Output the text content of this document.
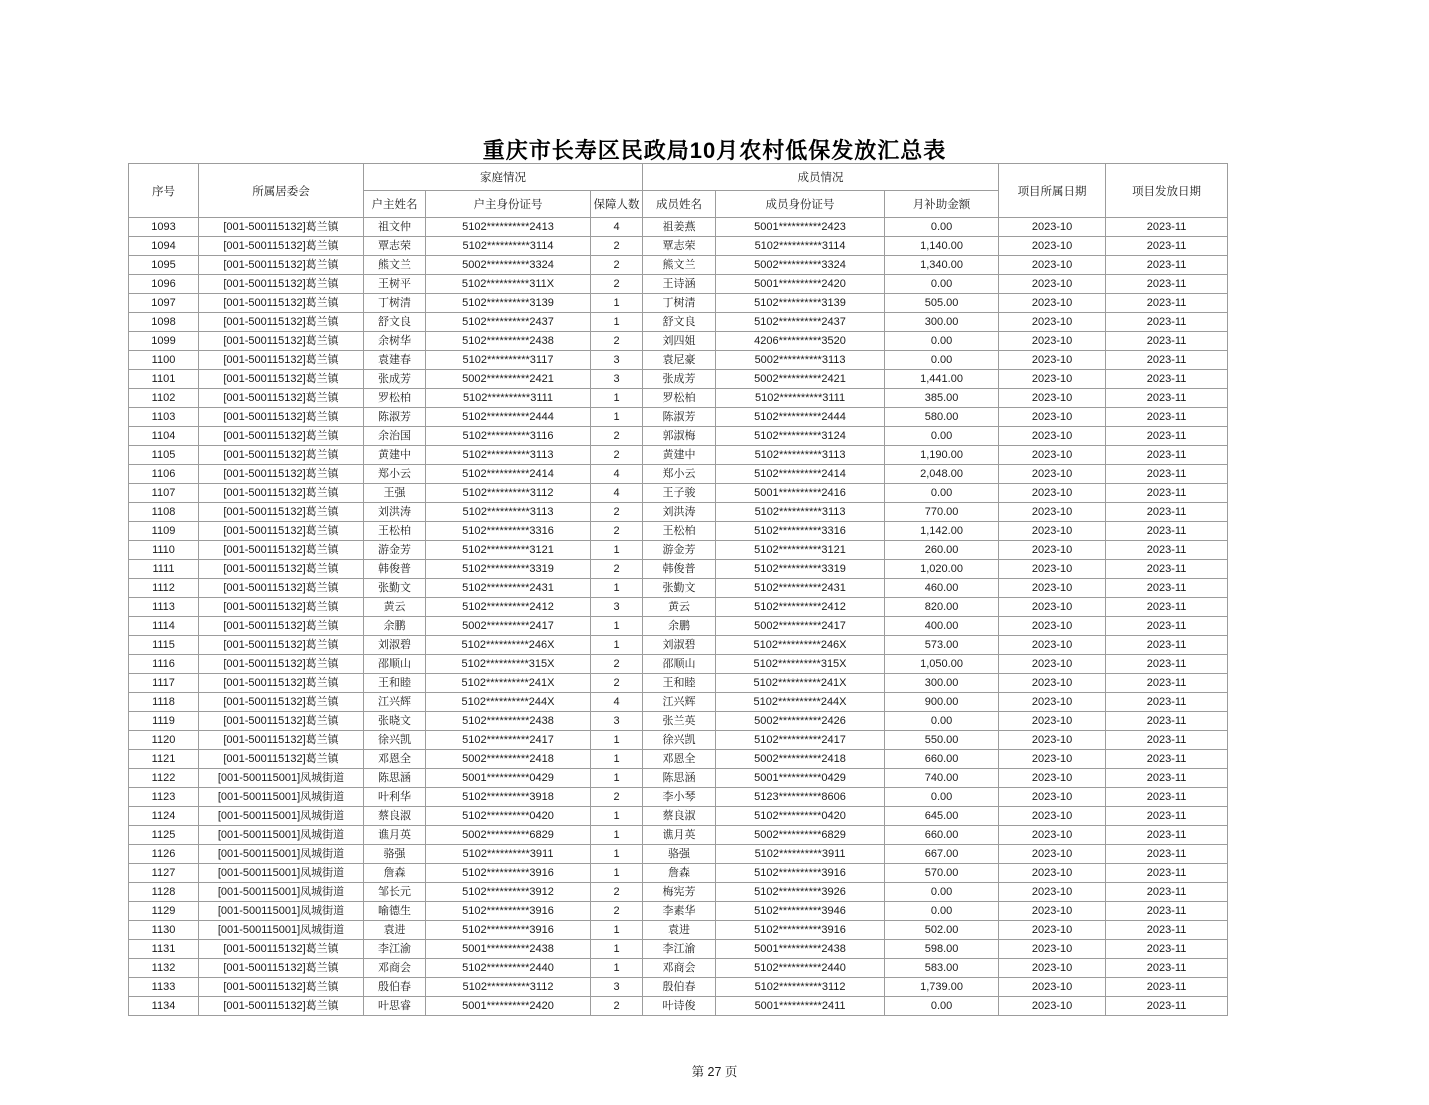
重庆市长寿区民政局10月农村低保发放汇总表
序号	所属居委会	家庭情况			成员情况			项目所属日期	项目发放日期
		户主姓名	户主身份证号	保障人数	成员姓名	成员身份证号	月补助金额		
1093	[001-500115132]葛兰镇	祖文仲	5102**********2413	4	祖姜燕	5001**********2423	0.00	2023-10	2023-11
1094	[001-500115132]葛兰镇	覃志荣	5102**********3114	2	覃志荣	5102**********3114	1,140.00	2023-10	2023-11
1095	[001-500115132]葛兰镇	熊文兰	5002**********3324	2	熊文兰	5002**********3324	1,340.00	2023-10	2023-11
1096	[001-500115132]葛兰镇	王树平	5102**********311X	2	王诗涵	5001**********2420	0.00	2023-10	2023-11
1097	[001-500115132]葛兰镇	丁树清	5102**********3139	1	丁树清	5102**********3139	505.00	2023-10	2023-11
1098	[001-500115132]葛兰镇	舒文良	5102**********2437	1	舒文良	5102**********2437	300.00	2023-10	2023-11
1099	[001-500115132]葛兰镇	余树华	5102**********2438	2	刘四姐	4206**********3520	0.00	2023-10	2023-11
1100	[001-500115132]葛兰镇	袁建春	5102**********3117	3	袁尼豪	5002**********3113	0.00	2023-10	2023-11
1101	[001-500115132]葛兰镇	张成芳	5002**********2421	3	张成芳	5002**********2421	1,441.00	2023-10	2023-11
1102	[001-500115132]葛兰镇	罗松柏	5102**********3111	1	罗松柏	5102**********3111	385.00	2023-10	2023-11
1103	[001-500115132]葛兰镇	陈淑芳	5102**********2444	1	陈淑芳	5102**********2444	580.00	2023-10	2023-11
1104	[001-500115132]葛兰镇	余治国	5102**********3116	2	郭淑梅	5102**********3124	0.00	2023-10	2023-11
1105	[001-500115132]葛兰镇	黄建中	5102**********3113	2	黄建中	5102**********3113	1,190.00	2023-10	2023-11
1106	[001-500115132]葛兰镇	郑小云	5102**********2414	4	郑小云	5102**********2414	2,048.00	2023-10	2023-11
1107	[001-500115132]葛兰镇	王强	5102**********3112	4	王子骏	5001**********2416	0.00	2023-10	2023-11
1108	[001-500115132]葛兰镇	刘洪涛	5102**********3113	2	刘洪涛	5102**********3113	770.00	2023-10	2023-11
1109	[001-500115132]葛兰镇	王松柏	5102**********3316	2	王松柏	5102**********3316	1,142.00	2023-10	2023-11
1110	[001-500115132]葛兰镇	游金芳	5102**********3121	1	游金芳	5102**********3121	260.00	2023-10	2023-11
1111	[001-500115132]葛兰镇	韩俊普	5102**********3319	2	韩俊普	5102**********3319	1,020.00	2023-10	2023-11
1112	[001-500115132]葛兰镇	张勤文	5102**********2431	1	张勤文	5102**********2431	460.00	2023-10	2023-11
1113	[001-500115132]葛兰镇	黄云	5102**********2412	3	黄云	5102**********2412	820.00	2023-10	2023-11
1114	[001-500115132]葛兰镇	余鹏	5002**********2417	1	余鹏	5002**********2417	400.00	2023-10	2023-11
1115	[001-500115132]葛兰镇	刘淑碧	5102**********246X	1	刘淑碧	5102**********246X	573.00	2023-10	2023-11
1116	[001-500115132]葛兰镇	邵顺山	5102**********315X	2	邵顺山	5102**********315X	1,050.00	2023-10	2023-11
1117	[001-500115132]葛兰镇	王和睦	5102**********241X	2	王和睦	5102**********241X	300.00	2023-10	2023-11
1118	[001-500115132]葛兰镇	江兴辉	5102**********244X	4	江兴辉	5102**********244X	900.00	2023-10	2023-11
1119	[001-500115132]葛兰镇	张晓文	5102**********2438	3	张兰英	5002**********2426	0.00	2023-10	2023-11
1120	[001-500115132]葛兰镇	徐兴凯	5102**********2417	1	徐兴凯	5102**********2417	550.00	2023-10	2023-11
1121	[001-500115132]葛兰镇	邓恩全	5002**********2418	1	邓恩全	5002**********2418	660.00	2023-10	2023-11
1122	[001-500115001]凤城街道	陈思涵	5001**********0429	1	陈思涵	5001**********0429	740.00	2023-10	2023-11
1123	[001-500115001]凤城街道	叶利华	5102**********3918	2	李小琴	5123**********8606	0.00	2023-10	2023-11
1124	[001-500115001]凤城街道	蔡良淑	5102**********0420	1	蔡良淑	5102**********0420	645.00	2023-10	2023-11
1125	[001-500115001]凤城街道	谯月英	5002**********6829	1	谯月英	5002**********6829	660.00	2023-10	2023-11
1126	[001-500115001]凤城街道	骆强	5102**********3911	1	骆强	5102**********3911	667.00	2023-10	2023-11
1127	[001-500115001]凤城街道	詹森	5102**********3916	1	詹森	5102**********3916	570.00	2023-10	2023-11
1128	[001-500115001]凤城街道	邹长元	5102**********3912	2	梅宪芳	5102**********3926	0.00	2023-10	2023-11
1129	[001-500115001]凤城街道	喻德生	5102**********3916	2	李素华	5102**********3946	0.00	2023-10	2023-11
1130	[001-500115001]凤城街道	袁进	5102**********3916	1	袁进	5102**********3916	502.00	2023-10	2023-11
1131	[001-500115132]葛兰镇	李江渝	5001**********2438	1	李江渝	5001**********2438	598.00	2023-10	2023-11
1132	[001-500115132]葛兰镇	邓商会	5102**********2440	1	邓商会	5102**********2440	583.00	2023-10	2023-11
1133	[001-500115132]葛兰镇	殷伯春	5102**********3112	3	殷伯春	5102**********3112	1,739.00	2023-10	2023-11
1134	[001-500115132]葛兰镇	叶思睿	5001**********2420	2	叶诗俊	5001**********2411	0.00	2023-10	2023-11
第 27 页
